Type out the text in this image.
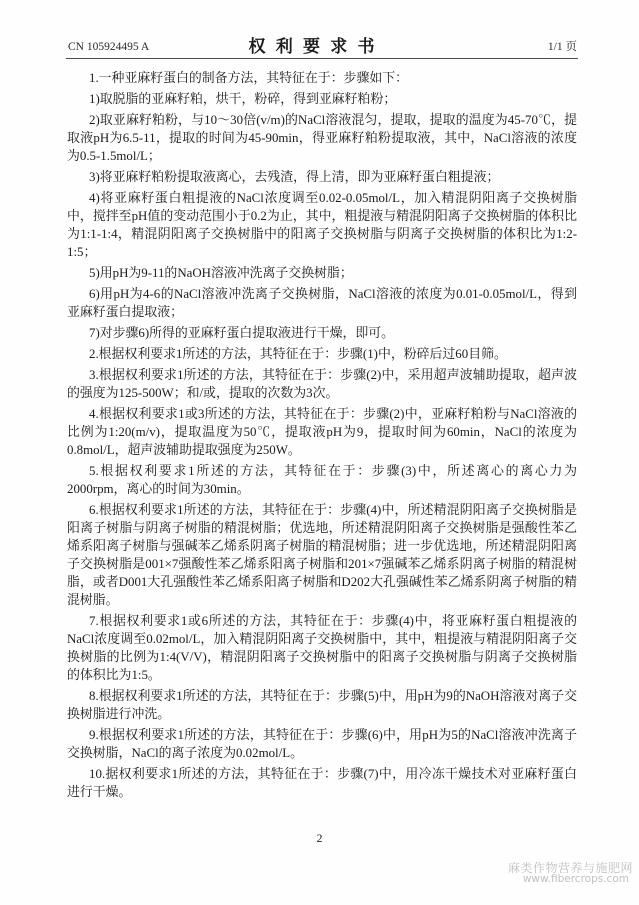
CN 105924495 A	权 利 要 求 书	1/1 页

1.一种亚麻籽蛋白的制备方法，其特征在于：步骤如下：

1)取脱脂的亚麻籽粕，烘干，粉碎，得到亚麻籽粕粉；

2)取亚麻籽粕粉，与10～30倍(v/m)的NaCl溶液混匀，提取，提取的温度为45-70℃，提取液pH为6.5-11，提取的时间为45-90min，得亚麻籽粕粉提取液，其中，NaCl溶液的浓度为0.5-1.5mol/L；

3)将亚麻籽粕粉提取液离心，去残渣，得上清，即为亚麻籽蛋白粗提液；

4)将亚麻籽蛋白粗提液的NaCl浓度调至0.02-0.05mol/L，加入精混阴阳离子交换树脂中，搅拌至pH值的变动范围小于0.2为止，其中，粗提液与精混阴阳离子交换树脂的体积比为1:1-1:4，精混阴阳离子交换树脂中的阳离子交换树脂与阴离子交换树脂的体积比为1:2-1:5；

5)用pH为9-11的NaOH溶液冲洗离子交换树脂；

6)用pH为4-6的NaCl溶液冲洗离子交换树脂，NaCl溶液的浓度为0.01-0.05mol/L，得到亚麻籽蛋白提取液；

7)对步骤6)所得的亚麻籽蛋白提取液进行干燥，即可。

2.根据权利要求1所述的方法，其特征在于：步骤(1)中，粉碎后过60目筛。

3.根据权利要求1所述的方法，其特征在于：步骤(2)中，采用超声波辅助提取，超声波的强度为125-500W；和/或，提取的次数为3次。

4.根据权利要求1或3所述的方法，其特征在于：步骤(2)中，亚麻籽粕粉与NaCl溶液的比例为1:20(m/v)，提取温度为50℃，提取液pH为9，提取时间为60min，NaCl的浓度为0.8mol/L，超声波辅助提取强度为250W。

5.根据权利要求1所述的方法，其特征在于：步骤(3)中，所述离心的离心力为2000rpm，离心的时间为30min。

6.根据权利要求1所述的方法，其特征在于：步骤(4)中，所述精混阴阳离子交换树脂是阳离子树脂与阴离子树脂的精混树脂；优选地，所述精混阴阳离子交换树脂是强酸性苯乙烯系阳离子树脂与强碱苯乙烯系阴离子树脂的精混树脂；进一步优选地，所述精混阴阳离子交换树脂是001×7强酸性苯乙烯系阳离子树脂和201×7强碱苯乙烯系阴离子树脂的精混树脂，或者D001大孔强酸性苯乙烯系阳离子树脂和D202大孔强碱性苯乙烯系阴离子树脂的精混树脂。

7.根据权利要求1或6所述的方法，其特征在于：步骤(4)中，将亚麻籽蛋白粗提液的NaCl浓度调至0.02mol/L，加入精混阴阳离子交换树脂中，其中，粗提液与精混阴阳离子交换树脂的比例为1:4(V/V)，精混阴阳离子交换树脂中的阳离子交换树脂与阴离子交换树脂的体积比为1:5。

8.根据权利要求1所述的方法，其特征在于：步骤(5)中，用pH为9的NaOH溶液对离子交换树脂进行冲洗。

9.根据权利要求1所述的方法，其特征在于：步骤(6)中，用pH为5的NaCl溶液冲洗离子交换树脂，NaCl的离子浓度为0.02mol/L。

10.据权利要求1所述的方法，其特征在于：步骤(7)中，用冷冻干燥技术对亚麻籽蛋白进行干燥。

2
麻类作物营养与施肥网
www.fibercrops.com
